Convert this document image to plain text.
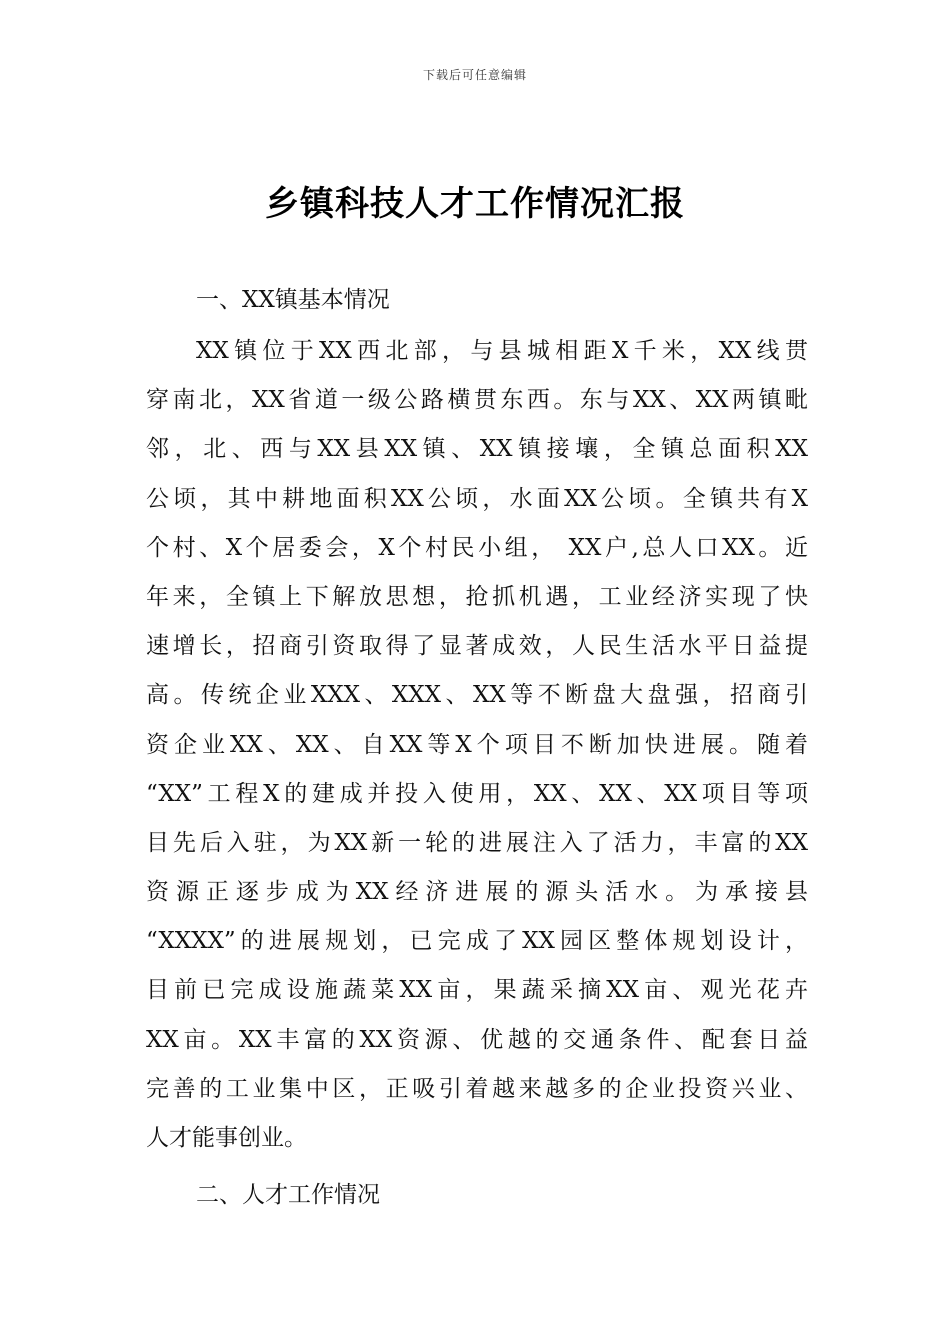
下载后可任意编辑
乡镇科技人才工作情况汇报
一、XX镇基本情况
XX镇位于XX西北部，与县城相距X千米，XX线贯
穿南北，XX省道一级公路横贯东西。东与XX、XX两镇毗
邻，北、西与XX县XX镇、XX镇接壤，全镇总面积XX
公顷，其中耕地面积XX公顷，水面XX公顷。全镇共有X
个村、X个居委会，X个村民小组， XX户,总人口XX。近
年来，全镇上下解放思想，抢抓机遇，工业经济实现了快
速增长，招商引资取得了显著成效，人民生活水平日益提
高。传统企业XXX、XXX、XX等不断盘大盘强，招商引
资企业XX、XX、自XX等X个项目不断加快进展。随着
“XX”工程X的建成并投入使用，XX、XX、XX项目等项
目先后入驻，为XX新一轮的进展注入了活力，丰富的XX
资源正逐步成为XX经济进展的源头活水。为承接县
“XXXX”的进展规划，已完成了XX园区整体规划设计，
目前已完成设施蔬菜XX亩，果蔬采摘XX亩、观光花卉
XX亩。XX丰富的XX资源、优越的交通条件、配套日益
完善的工业集中区，正吸引着越来越多的企业投资兴业、
人才能事创业。
二、人才工作情况
